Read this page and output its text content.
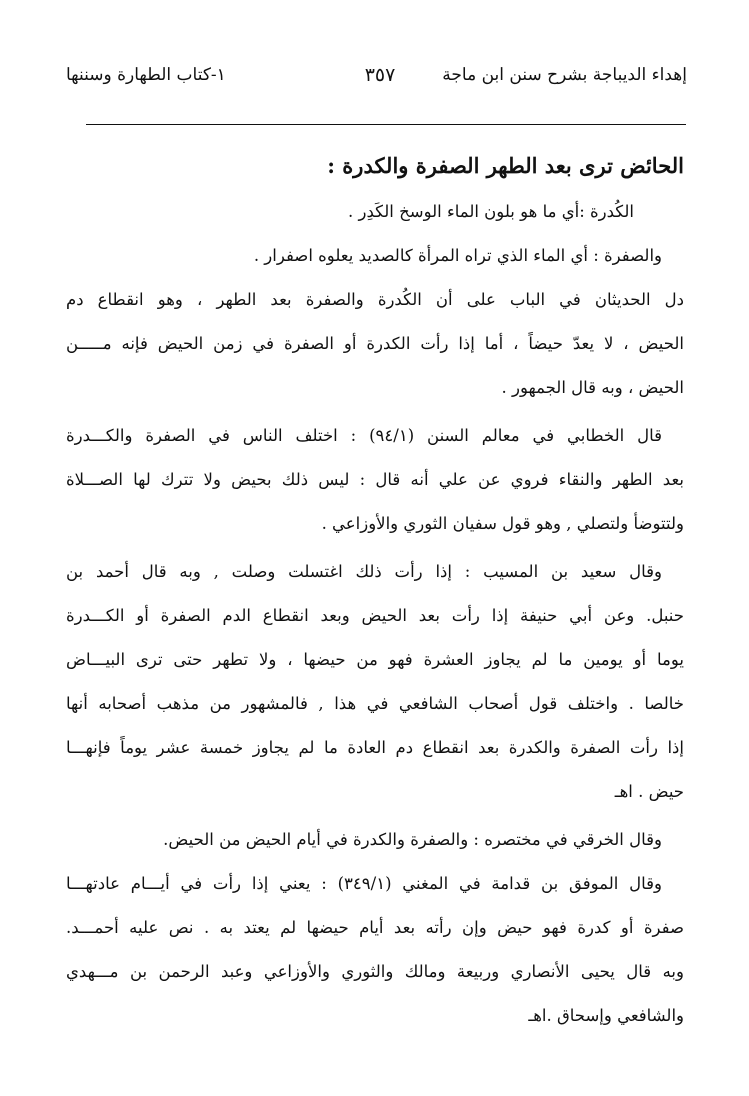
إهداء الديباجة بشرح سنن ابن ماجة
٣٥٧
١-كتاب الطهارة وسننها
الحائض ترى بعد الطهر الصفرة والكدرة :
الكُدرة :أي ما هو بلون الماء الوسخ الكَدِر .
والصفرة : أي الماء الذي تراه المرأة كالصديد يعلوه اصفرار .
دل الحديثان في الباب على أن الكُدرة والصفرة بعد الطهر ، وهو انقطاع دم
الحيض ، لا يعدّ حيضاً ، أما إذا رأت الكدرة أو الصفرة في زمن الحيض فإنه مـــــن
الحيض ، وبه قال الجمهور .
قال الخطابي في معالم السنن (٩٤/١) : اختلف الناس في الصفرة والكـــدرة
بعد الطهر والنقاء فروي عن علي أنه قال : ليس ذلك بحيض ولا تترك لها الصـــلاة
ولتتوضأ ولتصلي , وهو قول سفيان الثوري والأوزاعي .
وقال سعيد بن المسيب : إذا رأت ذلك اغتسلت وصلت , وبه قال أحمد بن
حنبل. وعن أبي حنيفة إذا رأت بعد الحيض وبعد انقطاع الدم الصفرة أو الكـــدرة
يوما أو يومين ما لم يجاوز العشرة فهو من حيضها ، ولا تطهر حتى ترى البيـــاض
خالصا . واختلف قول أصحاب الشافعي في هذا , فالمشهور من مذهب أصحابه أنها
إذا رأت الصفرة والكدرة بعد انقطاع دم العادة ما لم يجاوز خمسة عشر يوماً فإنهـــا
حيض . اهـ
وقال الخرقي في مختصره : والصفرة والكدرة في أيام الحيض من الحيض.
وقال الموفق بن قدامة في المغني (٣٤٩/١) : يعني إذا رأت في أيـــام عادتهـــا
صفرة أو كدرة فهو حيض وإن رأته بعد أيام حيضها لم يعتد به . نص عليه أحمـــد.
وبه قال يحيى الأنصاري وربيعة ومالك والثوري والأوزاعي وعبد الرحمن بن مـــهدي
والشافعي وإسحاق .اهـ
